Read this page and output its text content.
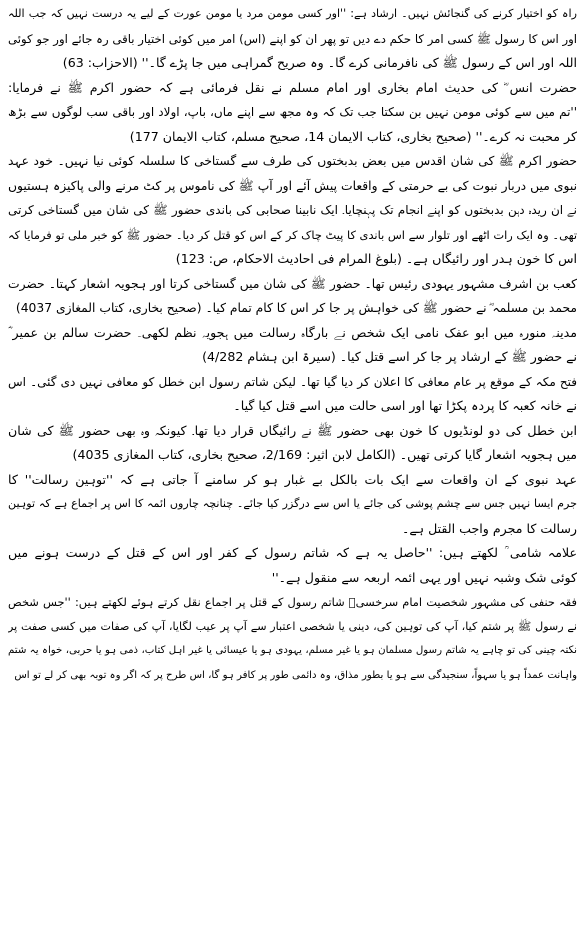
راہ کو اختیار کرنے کی گنجائش نہیں۔ ارشاد ہے: ''اور کسی مومن مرد یا مومن عورت کے لیے یہ درست نہیں کہ جب اللہ
اور اس کا رسول ﷺ کسی امر کا حکم دے دیں تو پھر ان کو اپنے (اس) امر میں کوئی اختیار باقی رہ جائے اور جو کوئی
اللہ اور اس کے رسول ﷺ کی نافرمانی کرے گا۔ وہ صریح گمراہی میں جا پڑے گا۔'' (الاحزاب: 63)
حضرت انس ؓ کی حدیث امام بخاری اور امام مسلم نے نقل فرمائی ہے کہ حضور اکرم ﷺ نے فرمایا:
''تم میں سے کوئی مومن نہیں بن سکتا جب تک کہ وہ مجھ سے اپنے ماں، باپ، اولاد اور باقی سب لوگوں سے بڑھ
کر محبت نہ کرے۔'' (صحیح بخاری، کتاب الایمان 14، صحیح مسلم، کتاب الایمان 177)
حضور اکرم ﷺ کی شان اقدس میں بعض بدبختوں کی طرف سے گستاخی کا سلسلہ کوئی نیا نہیں۔ خود عہد
نبوی میں دربار نبوت کی بے حرمتی کے واقعات پیش آئے اور آپ ﷺ کی ناموس پر کٹ مرنے والی پاکیزہ ہستیوں
نے ان ریدہ دہن بدبختوں کو اپنے انجام تک پہنچایا۔ ایک نابینا صحابی کی باندی حضور ﷺ کی شان میں گستاخی کرتی
تھی۔ وہ ایک رات اٹھے اور تلوار سے اس باندی کا پیٹ چاک کر کے اس کو قتل کر دیا۔ حضور ﷺ کو خبر ملی تو فرمایا کہ
اس کا خون ہدر اور رائیگاں ہے۔ (بلوغ المرام فی احادیث الاحکام، ص: 123)
کعب بن اشرف مشہور یہودی رئیس تھا۔ حضور ﷺ کی شان میں گستاخی کرتا اور ہجویہ اشعار کہتا۔ حضرت
محمد بن مسلمہ ؓ نے حضور ﷺ کی خواہش پر جا کر اس کا کام تمام کیا۔ (صحیح بخاری، کتاب المغازی 4037)
مدینہ منورہ میں ابو عفک نامی ایک شخص نے بارگاہ رسالت میں ہجویہ نظم لکھی۔ حضرت سالم بن عمیر ؓ
نے حضور ﷺ کے ارشاد پر جا کر اسے قتل کیا۔ (سیرۃ ابن ہشام 4/282)
فتح مکہ کے موقع پر عام معافی کا اعلان کر دیا گیا تھا۔ لیکن شاتم رسول ابن خطل کو معافی نہیں دی گئی۔ اس
نے خانہ کعبہ کا پردہ پکڑا تھا اور اسی حالت میں اسے قتل کیا گیا۔
ابن خطل کی دو لونڈیوں کا خون بھی حضور ﷺ نے رائیگاں قرار دیا تھا۔ کیونکہ وہ بھی حضور ﷺ کی شان
میں ہجویہ اشعار گایا کرتی تھیں۔ (الکامل لابن اثیر: 2/169، صحیح بخاری، کتاب المغازی 4035)
عہد نبوی کے ان واقعات سے ایک بات بالکل بے غبار ہو کر سامنے آ جاتی ہے کہ ''توہین رسالت'' کا
جرم ایسا نہیں جس سے چشم پوشی کی جائے یا اس سے درگزر کیا جائے۔ چنانچہ چاروں ائمہ کا اس پر اجماع ہے کہ توہین
رسالت کا مجرم واجب القتل ہے۔
علامہ شامی ؒ لکھتے ہیں: ''حاصل یہ ہے کہ شاتم رسول کے کفر اور اس کے قتل کے درست ہونے میں
کوئی شک وشبہ نہیں اور یہی ائمہ اربعہ سے منقول ہے۔''
فقہ حنفی کی مشہور شخصیت امام سرخسیؒ شاتم رسول کے قتل پر اجماع نقل کرتے ہوئے لکھتے ہیں: ''جس شخص
نے رسول ﷺ پر شتم کیا، آپ کی توہین کی، دینی یا شخصی اعتبار سے آپ پر عیب لگایا، آپ کی صفات میں کسی صفت پر
نکتہ چینی کی تو چاہے یہ شاتم رسول مسلمان ہو یا غیر مسلم، یہودی ہو یا عیسائی یا غیر اہل کتاب، ذمی ہو یا حربی، خواہ یہ شتم
واہانت عمداً ہو یا سہواً، سنجیدگی سے ہو یا بطور مذاق، وہ دائمی طور پر کافر ہو گا، اس طرح پر کہ اگر وہ توبہ بھی کر لے تو اس
